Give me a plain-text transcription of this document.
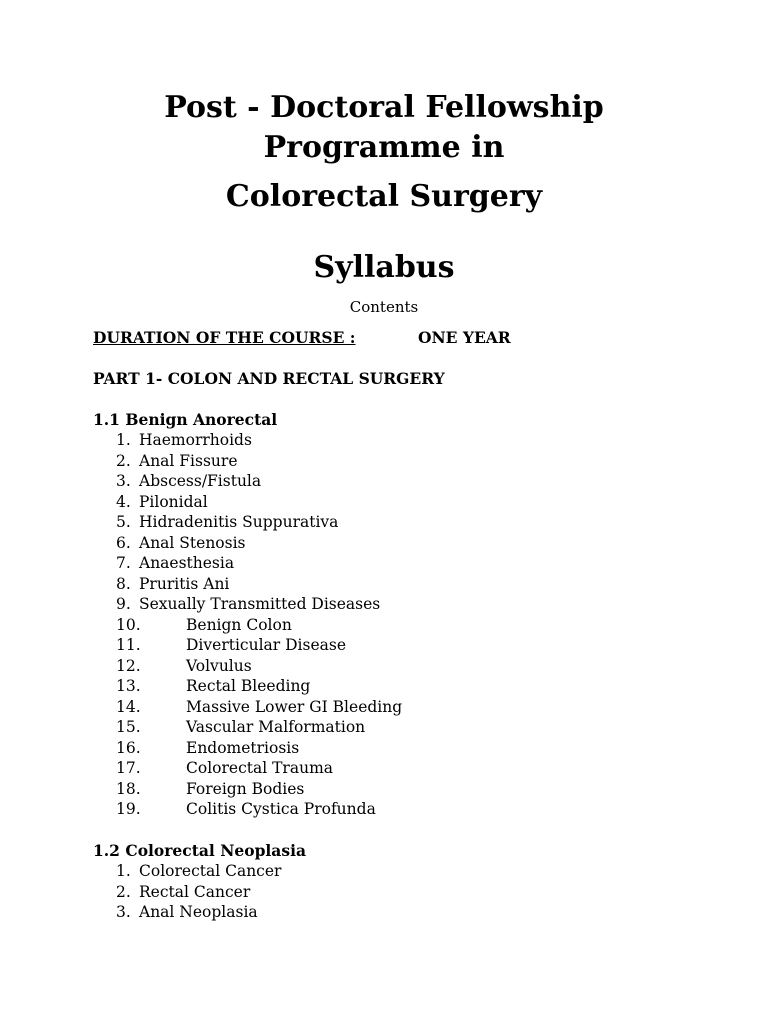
Post - Doctoral Fellowship
Programme in
Colorectal Surgery
Syllabus
Contents
DURATION OF THE COURSE :	ONE YEAR
PART 1- COLON AND RECTAL SURGERY
1.1 Benign Anorectal
1. Haemorrhoids
2. Anal Fissure
3. Abscess/Fistula
4. Pilonidal
5. Hidradenitis Suppurativa
6. Anal Stenosis
7. Anaesthesia
8. Pruritis Ani
9. Sexually Transmitted Diseases
10.	Benign Colon
11.	Diverticular Disease
12.	Volvulus
13.	Rectal Bleeding
14.	Massive Lower GI Bleeding
15.	Vascular Malformation
16.	Endometriosis
17.	Colorectal Trauma
18.	Foreign Bodies
19.	Colitis Cystica Profunda
1.2 Colorectal Neoplasia
1. Colorectal Cancer
2. Rectal Cancer
3. Anal Neoplasia
